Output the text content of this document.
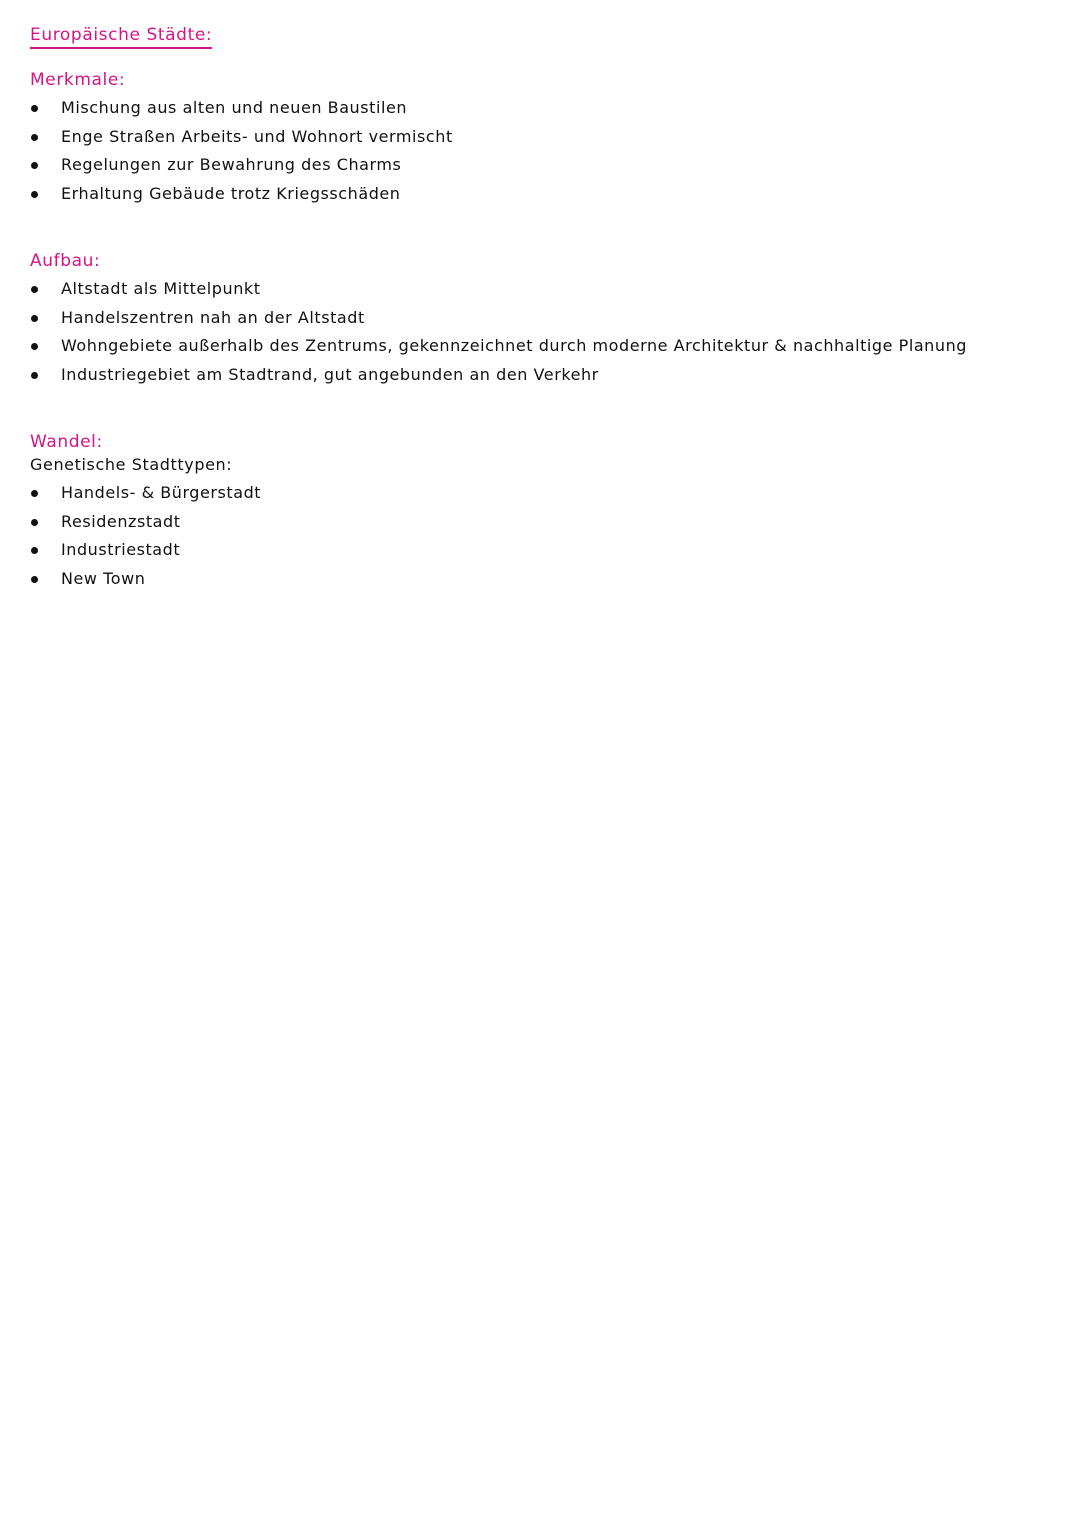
Europäische Städte:
Merkmale:
Mischung aus alten und neuen Baustilen
Enge Straßen Arbeits- und Wohnort vermischt
Regelungen zur Bewahrung des Charms
Erhaltung Gebäude trotz Kriegsschäden
Aufbau:
Altstadt als Mittelpunkt
Handelszentren nah an der Altstadt
Wohngebiete außerhalb des Zentrums, gekennzeichnet durch moderne Architektur & nachhaltige Planung
Industriegebiet am Stadtrand, gut angebunden an den Verkehr
Wandel:

Genetische Stadttypen:

Handels- & Bürgerstadt
Residenzstadt
Industriestadt
New Town
